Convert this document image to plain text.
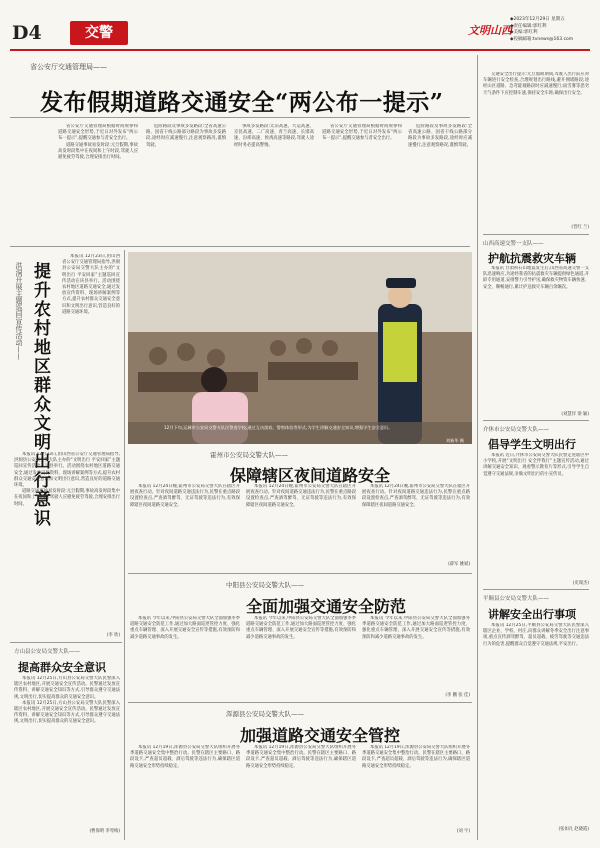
D4	交警	文明山西
◆2023年12月29日 星期五
◆责任编辑:郭红利
◆美编:郭红利
◆投稿邮箱:tvnews@163.com
省公安厅交通管理局——
发布假期道路交通安全“两公布一提示”

省公安厅交通管理局根据时间规律和道路交通安全形势,于近日对外发布“两公布一提示”,提醒交通参与者安全出行。

道路交通事故易发时段:元旦假期,事故高发时段集中在夜间和上午时段,驾驶人应避免疲劳驾驶,合理安排出行时间。

危险路段及事故多发路段:全省高速公路、国省干线公路部分路段为事故多发路段,途经时应减速慢行,注意观察路况,谨慎驾驶。

事故多发路段:太旧高速、大运高速、京昆高速、二广高速、青兰高速、长邯高速、汾邢高速、侯禹高速等路段,驾驶人途经时务必提高警惕。

省公安厅交通管理局根据时间规律和道路交通安全形势,于近日对外发布“两公布一提示”,提醒交通参与者安全出行。

危险路段及事故多发路段:全省高速公路、国省干线公路部分路段为事故多发路段,途经时应减速慢行,注意观察路况,谨慎驾驶。

交通安全出行提示:元旦假期期间,驾驶人出行前应对车辆进行安全检查,合理规划出行路线,避开拥堵路段;途经山区道路、急弯陡坡路段时应减速慢行;雨雪雾等恶劣天气条件下应控制车速,保持安全车距,确保出行安全。

(晋红 兰)
山西高速交警一支队——
护航抗震救灾车辆

本报讯 甘肃积石山地震发生后,山西省高速交警一支队迅速响应,为途经我省的抗震救灾车辆提供绿色通道,开辟专用通道,安排警力引导护送,确保救灾物资车辆快速、安全、顺畅通行,累计护送救灾车辆百余辆次。

(刘慧洋 梁 颖)
介休市公安局交警大队——
倡导学生文明出行

本报讯 近日,介休市公安局交警大队民警走进辖区中小学校,开展“文明出行 安全伴我行”主题宣传活动,通过讲解交通安全知识、观看警示教育片等形式,引导学生自觉遵守交通法规,争做文明出行的小宣传员。

(史瑞杰)
平顺县公安局交警大队——
讲解安全出行事项

本报讯 12月25日,平顺县公安局交警大队民警深入辖区企业、学校、村庄,向群众讲解冬季安全出行注意事项,重点宣传酒驾醉驾、超员超载、疲劳驾驶等交通违法行为的危害,提醒群众自觉遵守交通法规,平安出行。

(张如凡 赵晓霞)
洪洞开展主题巡回宣传活动—— 提升农村地区群众文明出行意识

本报讯 12月23日,由山西省公安厅交通管理局指导,洪洞县公安局交警大队主办的“文明出行 平安回家”主题巡回宣传活动在该县举行。活动围绕农村地区道路交通安全,通过发放宣传资料、现场讲解案例等方式,提升农村群众交通安全意识和文明出行意识,营造良好的道路交通环境。

本报讯 12月23日,由山西省公安厅交通管理局指导,洪洞县公安局交警大队主办的“文明出行 平安回家”主题巡回宣传活动在该县举行。活动围绕农村地区道路交通安全,通过发放宣传资料、现场讲解案例等方式,提升农村群众交通安全意识和文明出行意识,营造良好的道路交通环境。

道路交通事故易发时段:元旦假期,事故高发时段集中在夜间和上午时段,驾驶人应避免疲劳驾驶,合理安排出行时间。

(李 欣)
12月下旬,运城市公安局交警支队民警进学校,通过互动游戏、警察体验等形式,为学生讲解交通安全知识,增强学生安全意识。
刘新华 摄
霍州市公安局交警大队——
保障辖区夜间道路安全

本报讯 12月24日晚,霍州市公安局交警大队在辖区开展夜查行动。针对夜间道路交通违法行为,民警在重点路段设置检查点,严查酒驾醉驾、无证驾驶等违法行为,有效保障辖区夜间道路交通安全。

本报讯 12月24日晚,霍州市公安局交警大队在辖区开展夜查行动。针对夜间道路交通违法行为,民警在重点路段设置检查点,严查酒驾醉驾、无证驾驶等违法行为,有效保障辖区夜间道路交通安全。

本报讯 12月24日晚,霍州市公安局交警大队在辖区开展夜查行动。针对夜间道路交通违法行为,民警在重点路段设置检查点,严查酒驾醉驾、无证驾驶等违法行为,有效保障辖区夜间道路交通安全。

(薛军 姚斌)
中阳县公安局交警大队——
全面加强交通安全防范

本报讯 今年以来,中阳县公安局交警大队全面加强冬季道路交通安全防范工作,通过加大路面巡逻管控力度、强化重点车辆管理、深入开展交通安全宣传等措施,有效预防和减少道路交通事故的发生。

本报讯 今年以来,中阳县公安局交警大队全面加强冬季道路交通安全防范工作,通过加大路面巡逻管控力度、强化重点车辆管理、深入开展交通安全宣传等措施,有效预防和减少道路交通事故的发生。

本报讯 今年以来,中阳县公安局交警大队全面加强冬季道路交通安全防范工作,通过加大路面巡逻管控力度、强化重点车辆管理、深入开展交通安全宣传等措施,有效预防和减少道路交通事故的发生。

(李 鹏 张 佳)
浑源县公安局交警大队——
加强道路交通安全管控

本报讯 12月19日,浑源县公安局交警大队组织开展冬季道路交通安全集中整治行动。民警在辖区主要路口、路段设卡,严查超员超载、酒后驾驶等违法行为,确保辖区道路交通安全形势持续稳定。

本报讯 12月19日,浑源县公安局交警大队组织开展冬季道路交通安全集中整治行动。民警在辖区主要路口、路段设卡,严查超员超载、酒后驾驶等违法行为,确保辖区道路交通安全形势持续稳定。

本报讯 12月19日,浑源县公安局交警大队组织开展冬季道路交通安全集中整治行动。民警在辖区主要路口、路段设卡,严查超员超载、酒后驾驶等违法行为,确保辖区道路交通安全形势持续稳定。

(刘 宇)
方山县公安局交警大队——
提高群众安全意识

本报讯 12月25日,方山县公安局交警大队民警深入辖区农村地区,开展交通安全宣传活动。民警通过发放宣传资料、讲解交通安全知识等方式,引导群众遵守交通法规,文明出行,切实提高群众的交通安全意识。

本报讯 12月25日,方山县公安局交警大队民警深入辖区农村地区,开展交通安全宣传活动。民警通过发放宣传资料、讲解交通安全知识等方式,引导群众遵守交通法规,文明出行,切实提高群众的交通安全意识。

(曹保明 李琴梅)
